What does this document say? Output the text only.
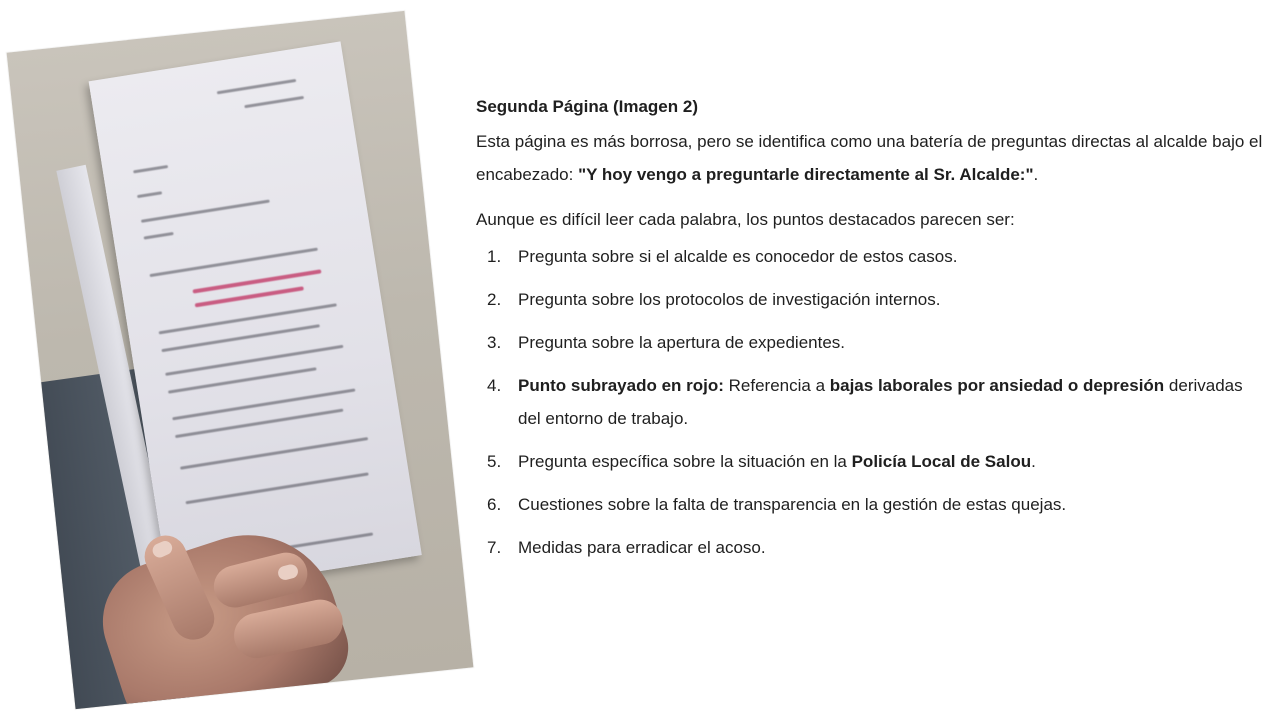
Segunda Página (Imagen 2)

Esta página es más borrosa, pero se identifica como una batería de preguntas directas al alcalde bajo el encabezado: "Y hoy vengo a preguntarle directamente al Sr. Alcalde:".

Aunque es difícil leer cada palabra, los puntos destacados parecen ser:

1. Pregunta sobre si el alcalde es conocedor de estos casos.
2. Pregunta sobre los protocolos de investigación internos.
3. Pregunta sobre la apertura de expedientes.
4. Punto subrayado en rojo: Referencia a bajas laborales por ansiedad o depresión derivadas del entorno de trabajo.
5. Pregunta específica sobre la situación en la Policía Local de Salou.
6. Cuestiones sobre la falta de transparencia en la gestión de estas quejas.
7. Medidas para erradicar el acoso.
